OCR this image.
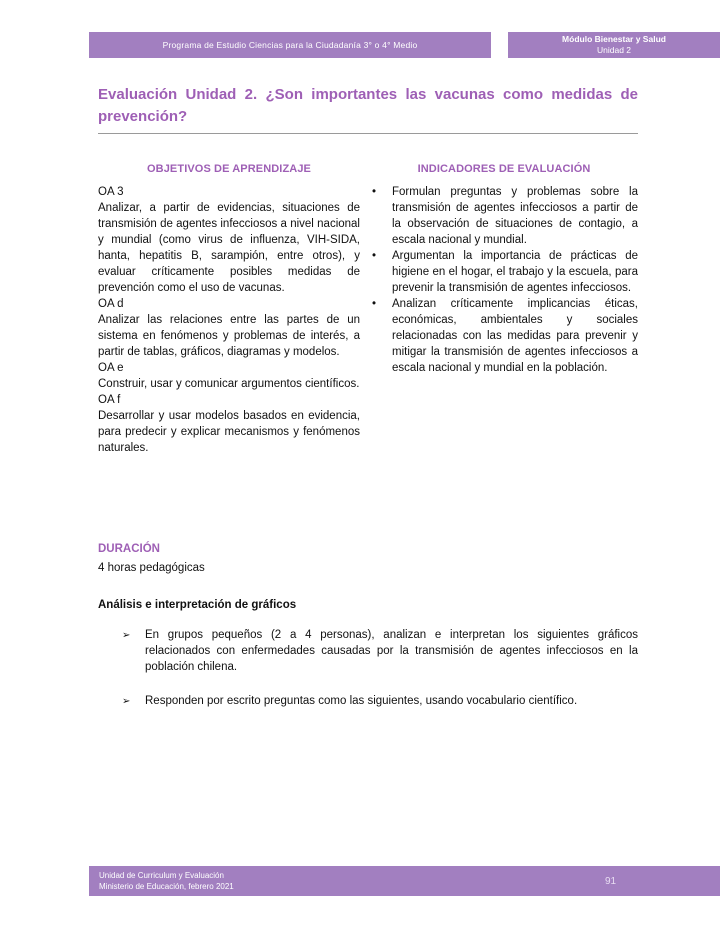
Programa de Estudio Ciencias para la Ciudadanía 3° o 4° Medio
Módulo Bienestar y Salud
Unidad 2
Evaluación Unidad 2. ¿Son importantes las vacunas como medidas de prevención?
OBJETIVOS DE APRENDIZAJE
OA 3
Analizar, a partir de evidencias, situaciones de transmisión de agentes infecciosos a nivel nacional y mundial (como virus de influenza, VIH-SIDA, hanta, hepatitis B, sarampión, entre otros), y evaluar críticamente posibles medidas de prevención como el uso de vacunas.
OA d
Analizar las relaciones entre las partes de un sistema en fenómenos y problemas de interés, a partir de tablas, gráficos, diagramas y modelos.
OA e
Construir, usar y comunicar argumentos científicos.
OA f
Desarrollar y usar modelos basados en evidencia, para predecir y explicar mecanismos y fenómenos naturales.
INDICADORES DE EVALUACIÓN
•	Formulan preguntas y problemas sobre la transmisión de agentes infecciosos a partir de la observación de situaciones de contagio, a escala nacional y mundial.
•	Argumentan la importancia de prácticas de higiene en el hogar, el trabajo y la escuela, para prevenir la transmisión de agentes infecciosos.
•	Analizan críticamente implicancias éticas, económicas, ambientales y sociales relacionadas con las medidas para prevenir y mitigar la transmisión de agentes infecciosos a escala nacional y mundial en la población.
DURACIÓN
4 horas pedagógicas
Análisis e interpretación de gráficos
➢	En grupos pequeños (2 a 4 personas), analizan e interpretan los siguientes gráficos relacionados con enfermedades causadas por la transmisión de agentes infecciosos en la población chilena.
➢	Responden por escrito preguntas como las siguientes, usando vocabulario científico.
Unidad de Curriculum y Evaluación
Ministerio de Educación, febrero 2021	91
